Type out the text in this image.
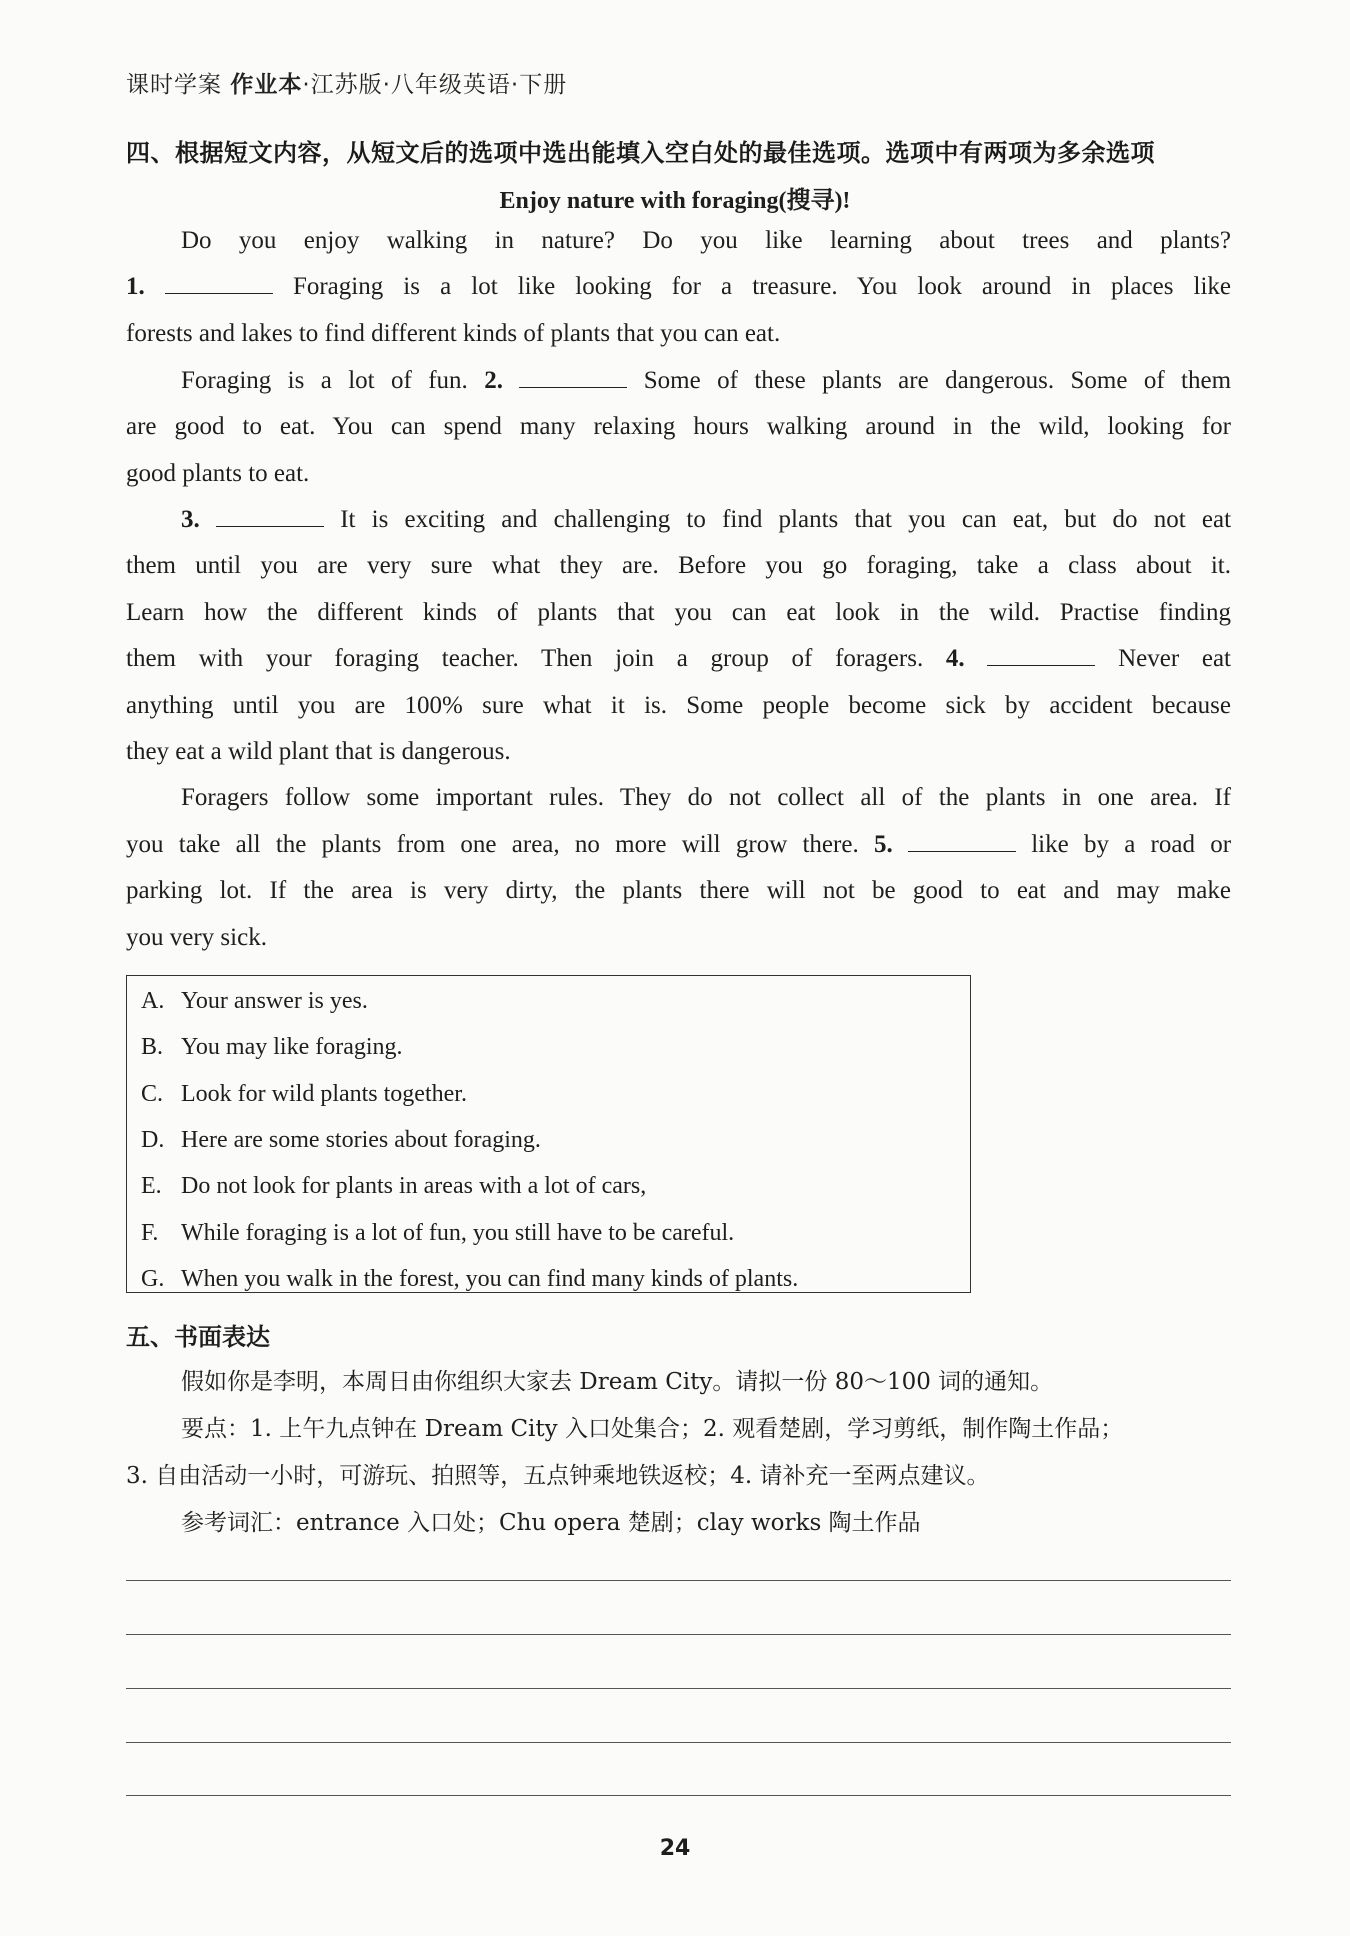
课时学案 作业本·江苏版·八年级英语·下册
四、根据短文内容，从短文后的选项中选出能填入空白处的最佳选项。选项中有两项为多余选项
Enjoy nature with foraging(搜寻)!
Do you enjoy walking in nature? Do you like learning about trees and plants?
1.	Foraging is a lot like looking for a treasure. You look around in places like
forests and lakes to find different kinds of plants that you can eat.
Foraging is a lot of fun. 2.	Some of these plants are dangerous. Some of them
are good to eat. You can spend many relaxing hours walking around in the wild, looking for
good plants to eat.
3.	It is exciting and challenging to find plants that you can eat, but do not eat
them until you are very sure what they are. Before you go foraging, take a class about it.
Learn how the different kinds of plants that you can eat look in the wild. Practise finding
them with your foraging teacher. Then join a group of foragers. 4.	Never eat
anything until you are 100% sure what it is. Some people become sick by accident because
they eat a wild plant that is dangerous.
Foragers follow some important rules. They do not collect all of the plants in one area. If
you take all the plants from one area, no more will grow there. 5.	like by a road or
parking lot. If the area is very dirty, the plants there will not be good to eat and may make
you very sick.
A. Your answer is yes.
B. You may like foraging.
C. Look for wild plants together.
D. Here are some stories about foraging.
E. Do not look for plants in areas with a lot of cars,
F. While foraging is a lot of fun, you still have to be careful.
G. When you walk in the forest, you can find many kinds of plants.
五、书面表达
假如你是李明，本周日由你组织大家去 Dream City。请拟一份 80～100 词的通知。
要点：1. 上午九点钟在 Dream City 入口处集合；2. 观看楚剧，学习剪纸，制作陶土作品；
3. 自由活动一小时，可游玩、拍照等，五点钟乘地铁返校；4. 请补充一至两点建议。
参考词汇：entrance 入口处；Chu opera 楚剧；clay works 陶土作品
24
